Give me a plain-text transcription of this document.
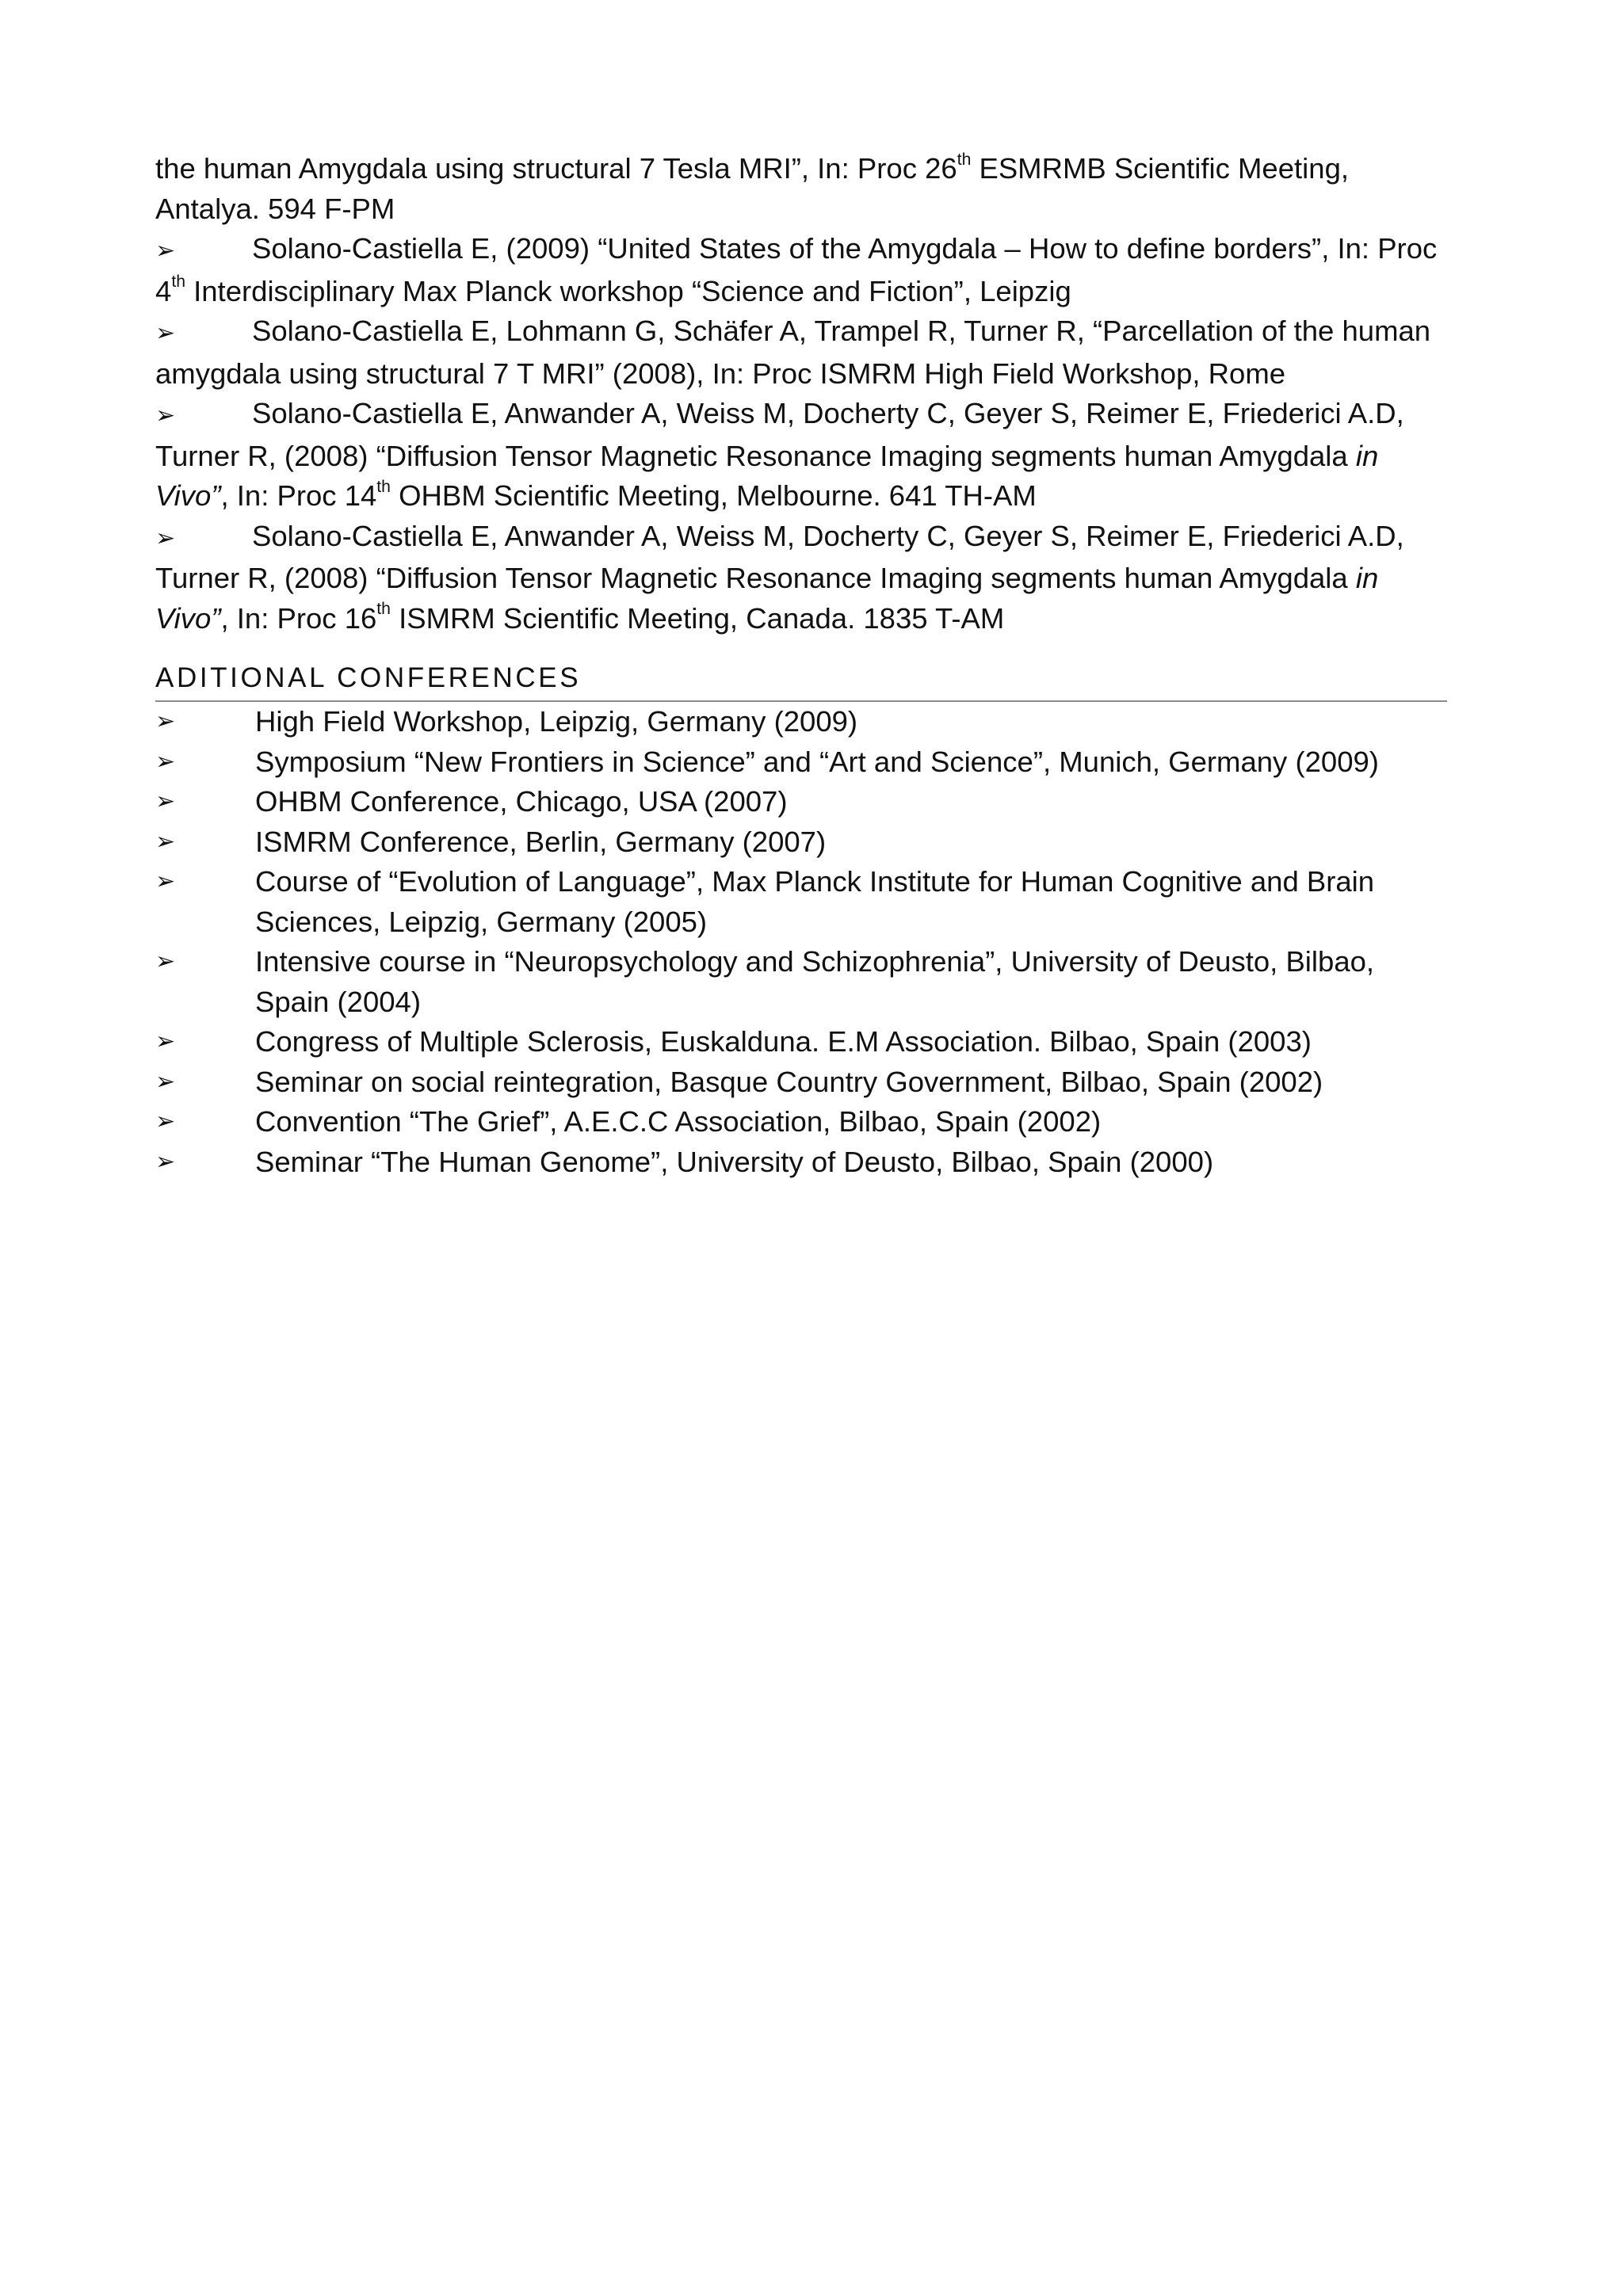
the human Amygdala using structural 7 Tesla MRI”, In: Proc 26th ESMRMB Scientific Meeting, Antalya. 594 F-PM

➢	Solano-Castiella E, (2009) “United States of the Amygdala – How to define borders”, In: Proc 4th Interdisciplinary Max Planck workshop “Science and Fiction”, Leipzig

➢	Solano-Castiella E, Lohmann G, Schäfer A, Trampel R, Turner R, “Parcellation of the human amygdala using structural 7 T MRI” (2008), In: Proc ISMRM High Field Workshop, Rome

➢	Solano-Castiella E, Anwander A, Weiss M, Docherty C, Geyer S, Reimer E, Friederici A.D, Turner R, (2008) “Diffusion Tensor Magnetic Resonance Imaging segments human Amygdala in Vivo”, In: Proc 14th OHBM Scientific Meeting, Melbourne. 641 TH-AM

➢	Solano-Castiella E, Anwander A, Weiss M, Docherty C, Geyer S, Reimer E, Friederici A.D, Turner R, (2008) “Diffusion Tensor Magnetic Resonance Imaging segments human Amygdala in Vivo”, In: Proc 16th ISMRM Scientific Meeting, Canada. 1835 T-AM

ADITIONAL CONFERENCES
➢	High Field Workshop, Leipzig, Germany (2009)
➢	Symposium “New Frontiers in Science” and “Art and Science”, Munich, Germany (2009)
➢	OHBM Conference, Chicago, USA (2007)
➢	ISMRM Conference, Berlin, Germany (2007)
➢	Course of “Evolution of Language”, Max Planck Institute for Human Cognitive and Brain Sciences, Leipzig, Germany (2005)
➢	Intensive course in “Neuropsychology and Schizophrenia”, University of Deusto, Bilbao, Spain (2004)
➢	Congress of Multiple Sclerosis, Euskalduna. E.M Association. Bilbao, Spain (2003)
➢	Seminar on social reintegration, Basque Country Government, Bilbao, Spain (2002)
➢	Convention “The Grief”, A.E.C.C Association, Bilbao, Spain (2002)
➢	Seminar “The Human Genome”, University of Deusto, Bilbao, Spain (2000)
